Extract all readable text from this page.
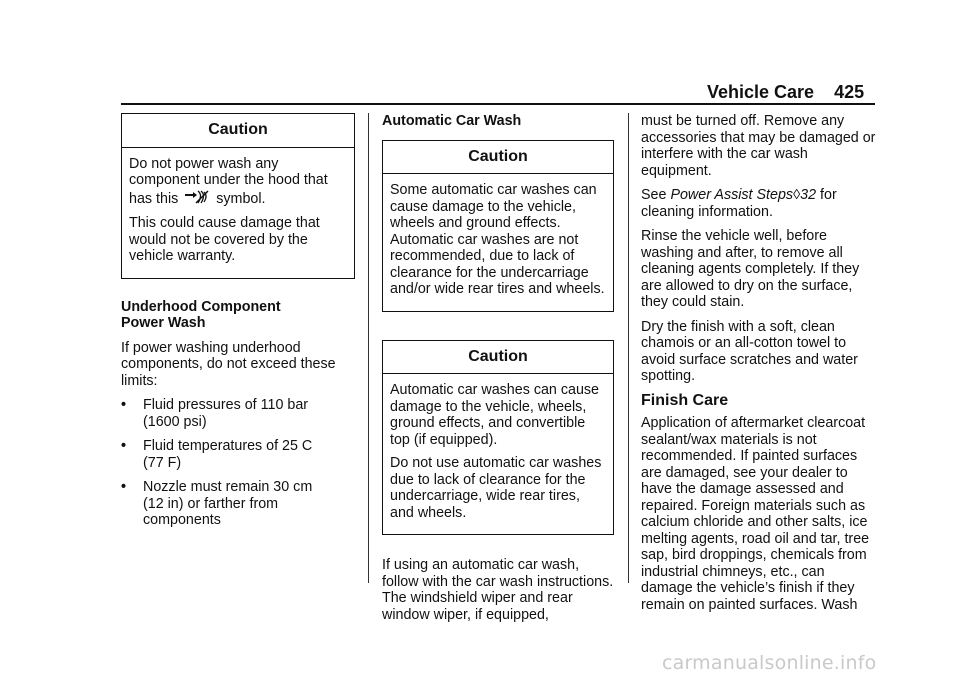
Vehicle Care 425
Caution

Do not power wash any
component under the hood that
has this	symbol.

This could cause damage that would not be covered by the vehicle warranty.

Underhood Component Power Wash

If power washing underhood components, do not exceed these limits:

• Fluid pressures of 110 bar (1600 psi)
• Fluid temperatures of 25 C (77 F)
• Nozzle must remain 30 cm (12 in) or farther from components

Automatic Car Wash

Caution

Some automatic car washes can cause damage to the vehicle, wheels and ground effects. Automatic car washes are not recommended, due to lack of clearance for the undercarriage and/or wide rear tires and wheels.

Caution

Automatic car washes can cause damage to the vehicle, wheels, ground effects, and convertible top (if equipped).

Do not use automatic car washes due to lack of clearance for the undercarriage, wide rear tires, and wheels.

If using an automatic car wash, follow with the car wash instructions. The windshield wiper and rear window wiper, if equipped,

must be turned off. Remove any accessories that may be damaged or interfere with the car wash equipment.

See Power Assist Steps◊32 for cleaning information.

Rinse the vehicle well, before washing and after, to remove all cleaning agents completely. If they are allowed to dry on the surface, they could stain.

Dry the finish with a soft, clean chamois or an all-cotton towel to avoid surface scratches and water spotting.

Finish Care

Application of aftermarket clearcoat sealant/wax materials is not recommended. If painted surfaces are damaged, see your dealer to have the damage assessed and repaired. Foreign materials such as calcium chloride and other salts, ice melting agents, road oil and tar, tree sap, bird droppings, chemicals from industrial chimneys, etc., can damage the vehicle’s finish if they remain on painted surfaces. Wash

carmanualsonline.info
